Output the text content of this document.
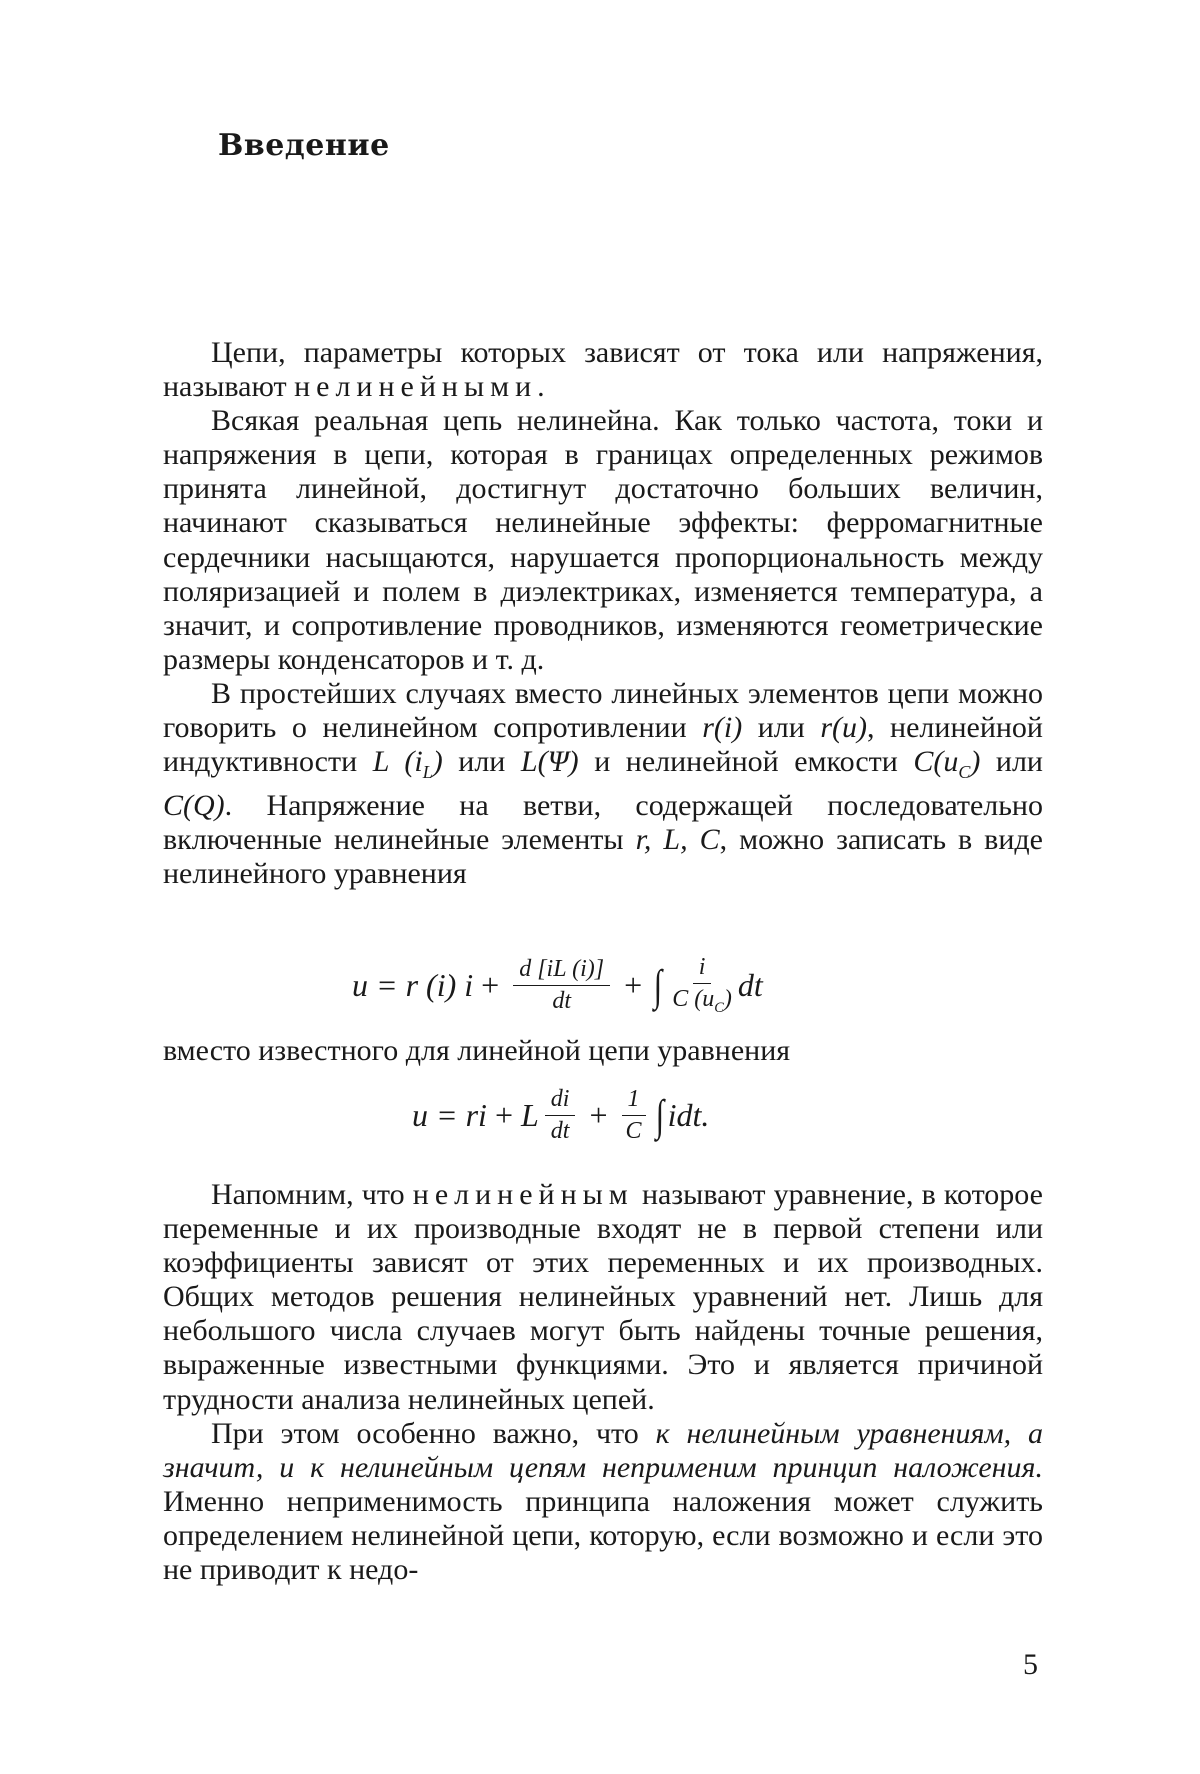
Введение

Цепи, параметры которых зависят от тока или напряжения, называют нелинейными.

Всякая реальная цепь нелинейна. Как только частота, токи и напряжения в цепи, которая в границах определенных режимов принята линейной, достигнут достаточно больших величин, начинают сказываться нелинейные эффекты: ферромагнитные сердечники насыщаются, нарушается пропорциональность между поляризацией и полем в диэлектриках, изменяется температура, а значит, и сопротивление проводников, изменяются геометрические размеры конденсаторов и т. д.

В простейших случаях вместо линейных элементов цепи можно говорить о нелинейном сопротивлении r(i) или r(u), нелинейной индуктивности L $(i_L)$ или L(Ψ) и нелинейной емкости $C(u_C)$ или C(Q). Напряжение на ветви, содержащей последовательно включенные нелинейные элементы r, L, C, можно записать в виде нелинейного уравнения

u = r (i) $i + \frac{d [iL (i)]}{dt}$ + ∫ $\frac{i}{C (u_C)}$ dt
вместо известного для линейной цепи уравнения
u = ri + L $\frac{di}{dt} + \frac{1}{C}$ ∫ idt.

Напомним, что нелинейным называют уравнение, в которое переменные и их производные входят не в первой степени или коэффициенты зависят от этих переменных и их производных. Общих методов решения нелинейных уравнений нет. Лишь для небольшого числа случаев могут быть найдены точные решения, выраженные известными функциями. Это и является причиной трудности анализа нелинейных цепей.

При этом особенно важно, что к нелинейным уравнениям, а значит, и к нелинейным цепям неприменим принцип наложения. Именно неприменимость принципа наложения может служить определением нелинейной цепи, которую, если возможно и если это не приводит к недо-

5
